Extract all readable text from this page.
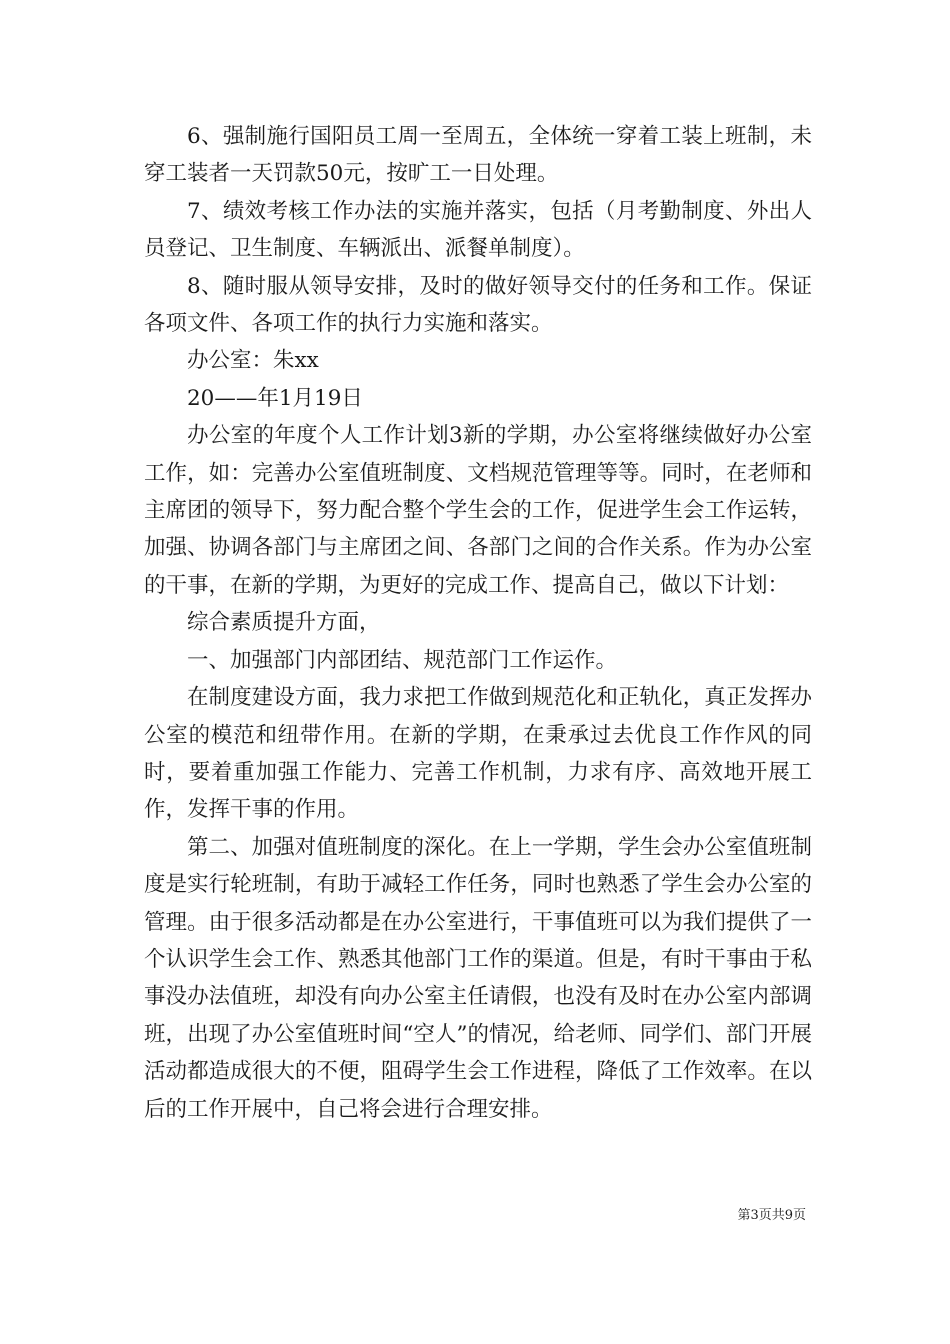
6、强制施行国阳员工周一至周五，全体统一穿着工装上班制，未穿工装者一天罚款50元，按旷工一日处理。

7、绩效考核工作办法的实施并落实，包括（月考勤制度、外出人员登记、卫生制度、车辆派出、派餐单制度）。

8、随时服从领导安排，及时的做好领导交付的任务和工作。保证各项文件、各项工作的执行力实施和落实。

办公室：朱xx

20——年1月19日

办公室的年度个人工作计划3新的学期，办公室将继续做好办公室工作，如：完善办公室值班制度、文档规范管理等等。同时，在老师和主席团的领导下，努力配合整个学生会的工作，促进学生会工作运转，加强、协调各部门与主席团之间、各部门之间的合作关系。作为办公室的干事，在新的学期，为更好的完成工作、提高自己，做以下计划：

综合素质提升方面，

一、加强部门内部团结、规范部门工作运作。

在制度建设方面，我力求把工作做到规范化和正轨化，真正发挥办公室的模范和纽带作用。在新的学期，在秉承过去优良工作作风的同时，要着重加强工作能力、完善工作机制，力求有序、高效地开展工作，发挥干事的作用。

第二、加强对值班制度的深化。在上一学期，学生会办公室值班制度是实行轮班制，有助于减轻工作任务，同时也熟悉了学生会办公室的管理。由于很多活动都是在办公室进行，干事值班可以为我们提供了一个认识学生会工作、熟悉其他部门工作的渠道。但是，有时干事由于私事没办法值班，却没有向办公室主任请假，也没有及时在办公室内部调班，出现了办公室值班时间“空人”的情况，给老师、同学们、部门开展活动都造成很大的不便，阻碍学生会工作进程，降低了工作效率。在以后的工作开展中，自己将会进行合理安排。

第3页共9页
